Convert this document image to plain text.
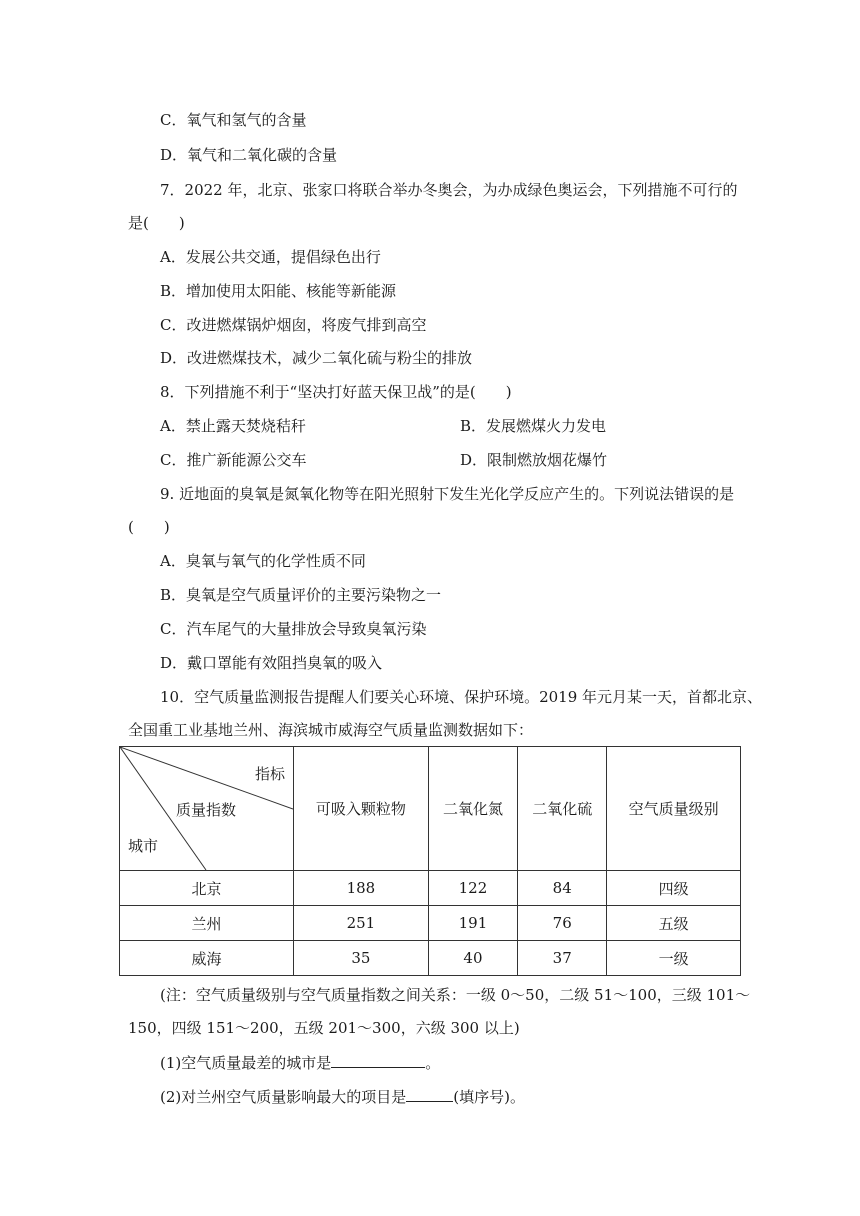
C．氧气和氢气的含量
D．氧气和二氧化碳的含量
7．2022 年，北京、张家口将联合举办冬奥会，为办成绿色奥运会，下列措施不可行的
是(　　)
A．发展公共交通，提倡绿色出行
B．增加使用太阳能、核能等新能源
C．改进燃煤锅炉烟囱，将废气排到高空
D．改进燃煤技术，减少二氧化硫与粉尘的排放
8．下列措施不利于“坚决打好蓝天保卫战”的是(　　)
A．禁止露天焚烧秸秆	B．发展燃煤火力发电
C．推广新能源公交车	D．限制燃放烟花爆竹
9. 近地面的臭氧是氮氧化物等在阳光照射下发生光化学反应产生的。下列说法错误的是
(　　)
A．臭氧与氧气的化学性质不同
B．臭氧是空气质量评价的主要污染物之一
C．汽车尾气的大量排放会导致臭氧污染
D．戴口罩能有效阻挡臭氧的吸入
10．空气质量监测报告提醒人们要关心环境、保护环境。2019 年元月某一天，首都北京、
全国重工业基地兰州、海滨城市威海空气质量监测数据如下：
指标
质量指数
城市	可吸入颗粒物	二氧化氮	二氧化硫	空气质量级别
北京	188	122	84	四级
兰州	251	191	76	五级
威海	35	40	37	一级
(注：空气质量级别与空气质量指数之间关系：一级 0～50，二级 51～100，三级 101～
150，四级 151～200，五级 201～300，六级 300 以上)
(1)空气质量最差的城市是	。
(2)对兰州空气质量影响最大的项目是	(填序号)。
